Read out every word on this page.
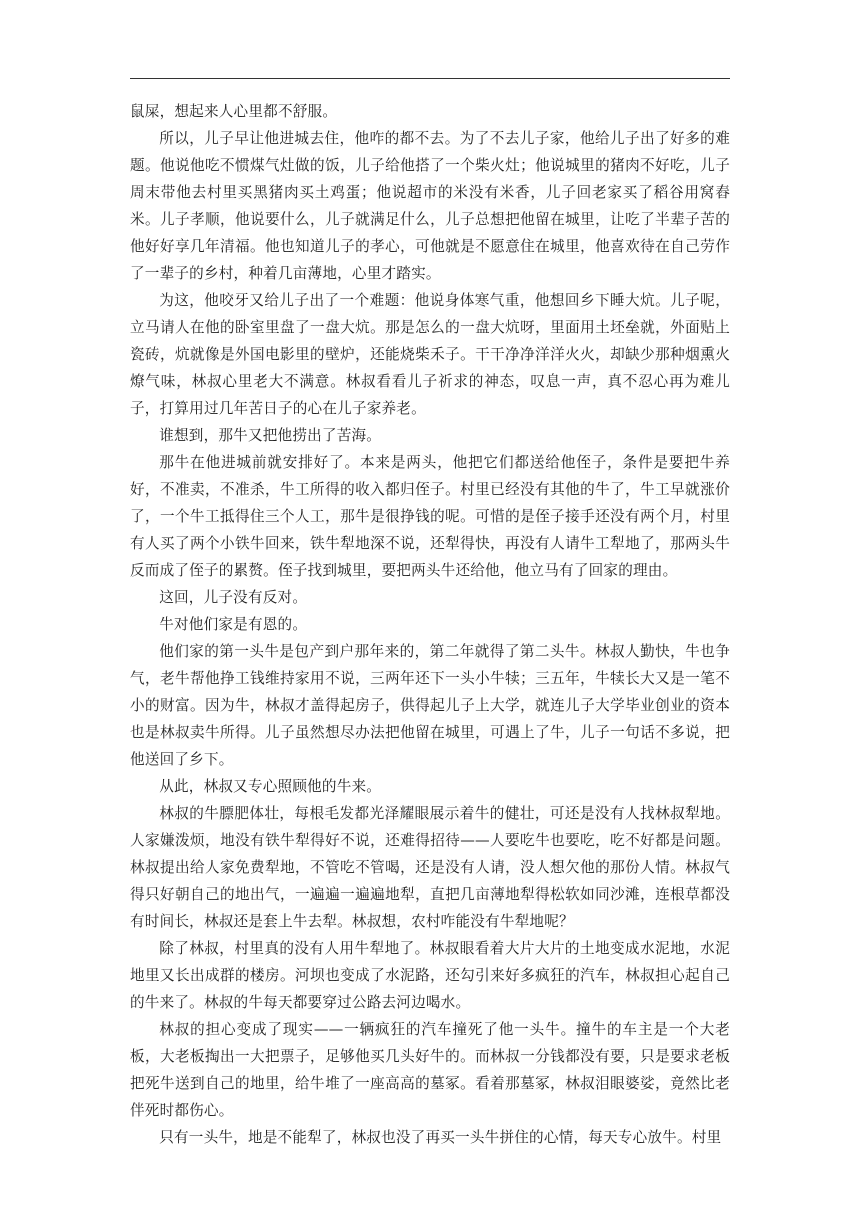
鼠屎，想起来人心里都不舒服。

所以，儿子早让他进城去住，他咋的都不去。为了不去儿子家，他给儿子出了好多的难题。他说他吃不惯煤气灶做的饭，儿子给他搭了一个柴火灶；他说城里的猪肉不好吃，儿子周末带他去村里买黑猪肉买土鸡蛋；他说超市的米没有米香，儿子回老家买了稻谷用窝舂米。儿子孝顺，他说要什么，儿子就满足什么，儿子总想把他留在城里，让吃了半辈子苦的他好好享几年清福。他也知道儿子的孝心，可他就是不愿意住在城里，他喜欢待在自己劳作了一辈子的乡村，种着几亩薄地，心里才踏实。

为这，他咬牙又给儿子出了一个难题：他说身体寒气重，他想回乡下睡大炕。儿子呢，立马请人在他的卧室里盘了一盘大炕。那是怎么的一盘大炕呀，里面用土坯垒就，外面贴上瓷砖，炕就像是外国电影里的壁炉，还能烧柴禾子。干干净净洋洋火火，却缺少那种烟熏火燎气味，林叔心里老大不满意。林叔看看儿子祈求的神态，叹息一声，真不忍心再为难儿子，打算用过几年苦日子的心在儿子家养老。

谁想到，那牛又把他捞出了苦海。

那牛在他进城前就安排好了。本来是两头，他把它们都送给他侄子，条件是要把牛养好，不准卖，不准杀，牛工所得的收入都归侄子。村里已经没有其他的牛了，牛工早就涨价了，一个牛工抵得住三个人工，那牛是很挣钱的呢。可惜的是侄子接手还没有两个月，村里有人买了两个小铁牛回来，铁牛犁地深不说，还犁得快，再没有人请牛工犁地了，那两头牛反而成了侄子的累赘。侄子找到城里，要把两头牛还给他，他立马有了回家的理由。

这回，儿子没有反对。

牛对他们家是有恩的。

他们家的第一头牛是包产到户那年来的，第二年就得了第二头牛。林叔人勤快，牛也争气，老牛帮他挣工钱维持家用不说，三两年还下一头小牛犊；三五年，牛犊长大又是一笔不小的财富。因为牛，林叔才盖得起房子，供得起儿子上大学，就连儿子大学毕业创业的资本也是林叔卖牛所得。儿子虽然想尽办法把他留在城里，可遇上了牛，儿子一句话不多说，把他送回了乡下。

从此，林叔又专心照顾他的牛来。

林叔的牛膘肥体壮，每根毛发都光泽耀眼展示着牛的健壮，可还是没有人找林叔犁地。人家嫌泼烦，地没有铁牛犁得好不说，还难得招待——人要吃牛也要吃，吃不好都是问题。林叔提出给人家免费犁地，不管吃不管喝，还是没有人请，没人想欠他的那份人情。林叔气得只好朝自己的地出气，一遍遍一遍遍地犁，直把几亩薄地犁得松软如同沙滩，连根草都没有时间长，林叔还是套上牛去犁。林叔想，农村咋能没有牛犁地呢？

除了林叔，村里真的没有人用牛犁地了。林叔眼看着大片大片的土地变成水泥地，水泥地里又长出成群的楼房。河坝也变成了水泥路，还勾引来好多疯狂的汽车，林叔担心起自己的牛来了。林叔的牛每天都要穿过公路去河边喝水。

林叔的担心变成了现实——一辆疯狂的汽车撞死了他一头牛。撞牛的车主是一个大老板，大老板掏出一大把票子，足够他买几头好牛的。而林叔一分钱都没有要，只是要求老板把死牛送到自己的地里，给牛堆了一座高高的墓冢。看着那墓冢，林叔泪眼婆娑，竟然比老伴死时都伤心。

只有一头牛，地是不能犁了，林叔也没了再买一头牛拼住的心情，每天专心放牛。村里
